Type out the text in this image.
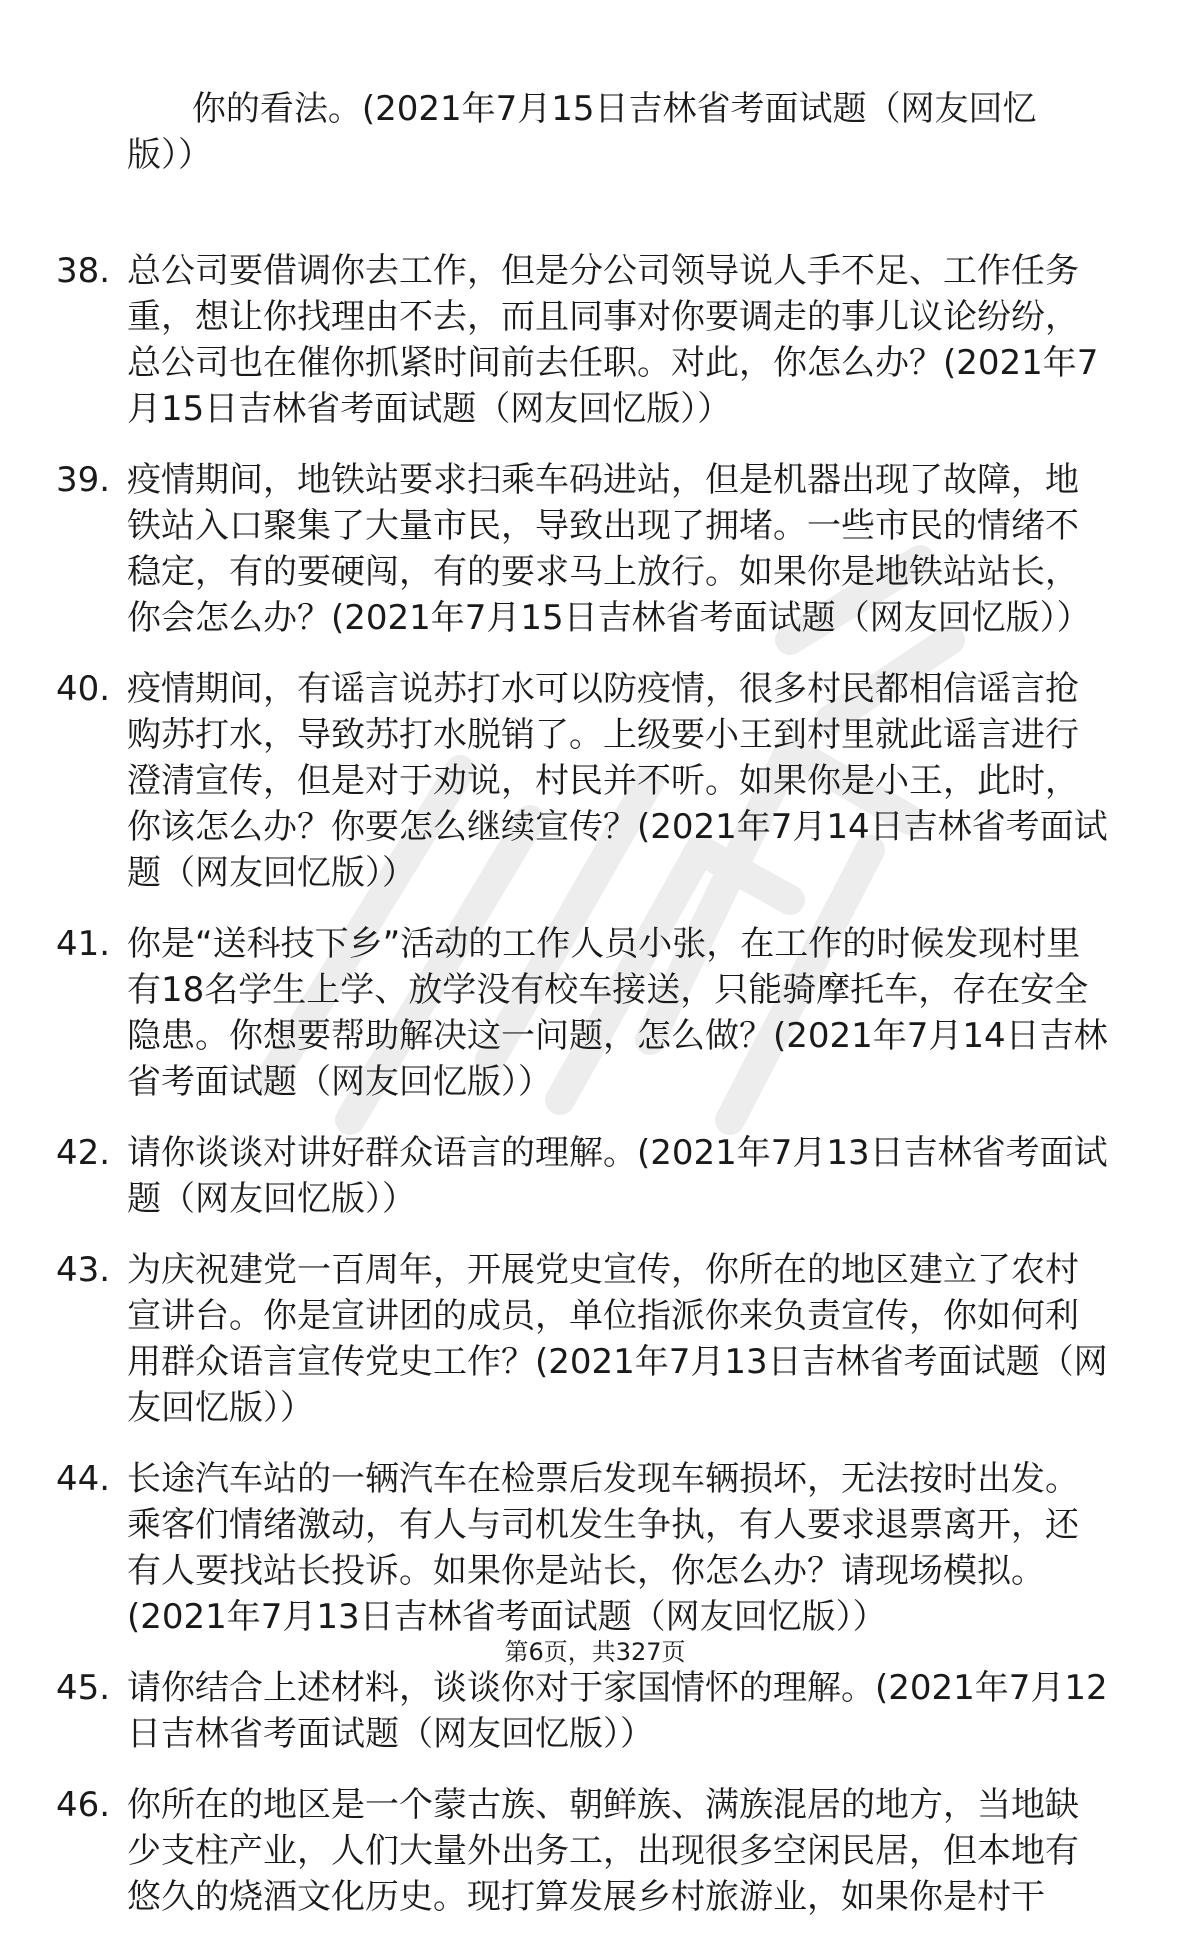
你的看法。(2021年7月15日吉林省考面试题（网友回忆版））

38. 总公司要借调你去工作，但是分公司领导说人手不足、工作任务
重，想让你找理由不去，而且同事对你要调走的事儿议论纷纷，
总公司也在催你抓紧时间前去任职。对此，你怎么办？(2021年7
月15日吉林省考面试题（网友回忆版））
39. 疫情期间，地铁站要求扫乘车码进站，但是机器出现了故障，地
铁站入口聚集了大量市民，导致出现了拥堵。一些市民的情绪不
稳定，有的要硬闯，有的要求马上放行。如果你是地铁站站长，
你会怎么办？(2021年7月15日吉林省考面试题（网友回忆版））
40. 疫情期间，有谣言说苏打水可以防疫情，很多村民都相信谣言抢
购苏打水，导致苏打水脱销了。上级要小王到村里就此谣言进行
澄清宣传，但是对于劝说，村民并不听。如果你是小王，此时，
你该怎么办？你要怎么继续宣传？(2021年7月14日吉林省考面试
题（网友回忆版））
41. 你是“送科技下乡”活动的工作人员小张，在工作的时候发现村里
有18名学生上学、放学没有校车接送，只能骑摩托车，存在安全
隐患。你想要帮助解决这一问题，怎么做？(2021年7月14日吉林
省考面试题（网友回忆版））
42. 请你谈谈对讲好群众语言的理解。(2021年7月13日吉林省考面试
题（网友回忆版））
43. 为庆祝建党一百周年，开展党史宣传，你所在的地区建立了农村
宣讲台。你是宣讲团的成员，单位指派你来负责宣传，你如何利
用群众语言宣传党史工作？(2021年7月13日吉林省考面试题（网
友回忆版））
44. 长途汽车站的一辆汽车在检票后发现车辆损坏，无法按时出发。
乘客们情绪激动，有人与司机发生争执，有人要求退票离开，还
有人要找站长投诉。如果你是站长，你怎么办？请现场模拟。
(2021年7月13日吉林省考面试题（网友回忆版））
45. 请你结合上述材料，谈谈你对于家国情怀的理解。(2021年7月12
日吉林省考面试题（网友回忆版））
46. 你所在的地区是一个蒙古族、朝鲜族、满族混居的地方，当地缺
少支柱产业，人们大量外出务工，出现很多空闲民居，但本地有
悠久的烧酒文化历史。现打算发展乡村旅游业，如果你是村干
第6页，共327页
